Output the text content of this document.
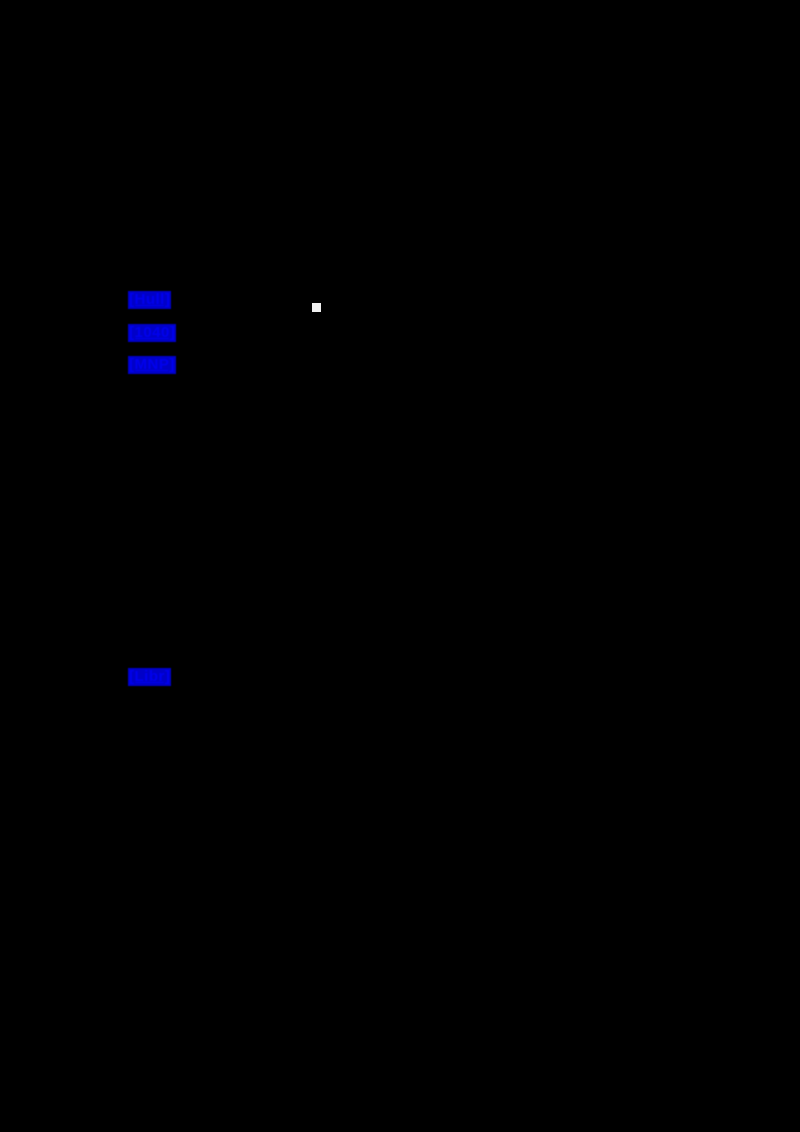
[Hull]
[1040]
[MNP]
[Libr]
